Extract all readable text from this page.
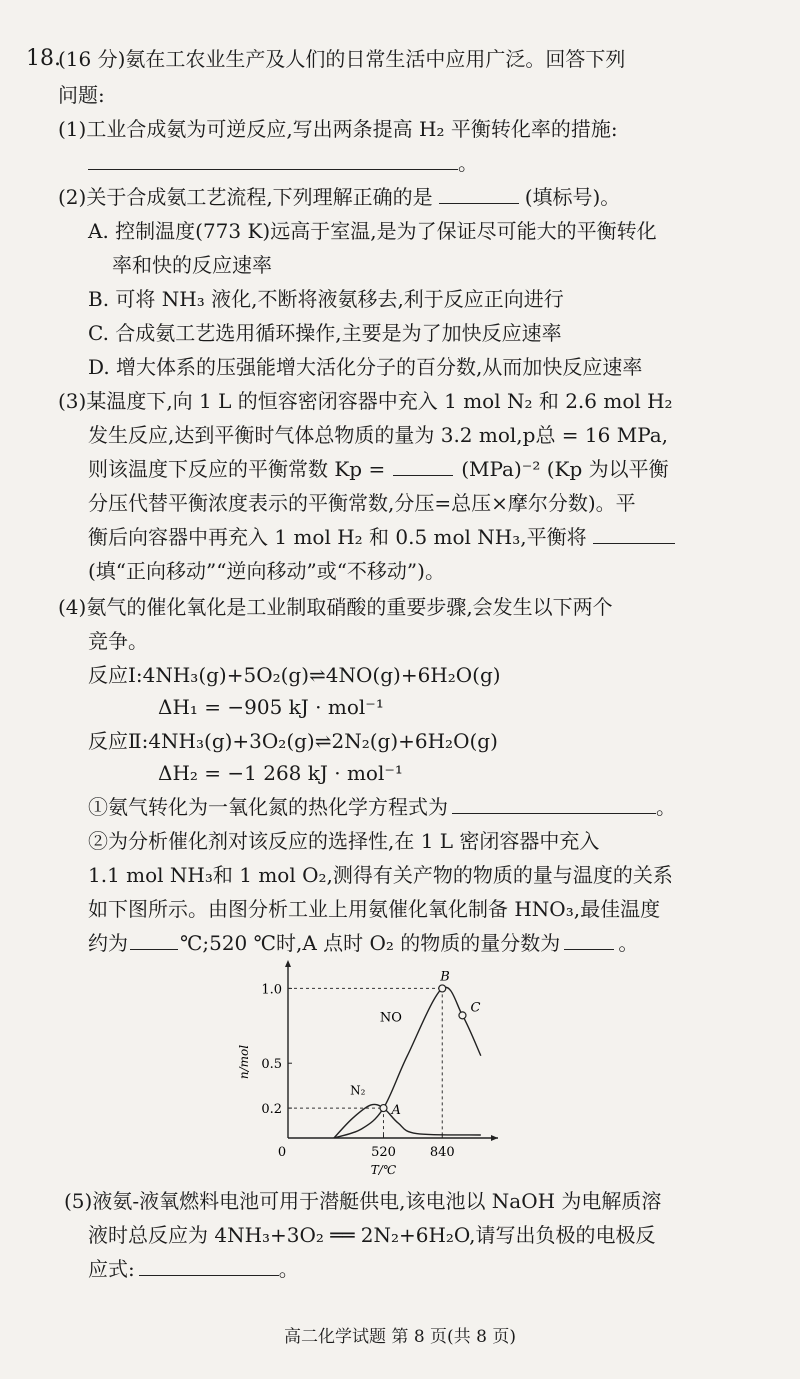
18.
(16 分)氨在工农业生产及人们的日常生活中应用广泛。回答下列
问题:
(1)工业合成氨为可逆反应,写出两条提高 H₂ 平衡转化率的措施:
。
(2)关于合成氨工艺流程,下列理解正确的是	(填标号)。
A. 控制温度(773 K)远高于室温,是为了保证尽可能大的平衡转化
率和快的反应速率
B. 可将 NH₃ 液化,不断将液氨移去,利于反应正向进行
C. 合成氨工艺选用循环操作,主要是为了加快反应速率
D. 增大体系的压强能增大活化分子的百分数,从而加快反应速率
(3)某温度下,向 1 L 的恒容密闭容器中充入 1 mol N₂ 和 2.6 mol H₂
发生反应,达到平衡时气体总物质的量为 3.2 mol,p总 = 16 MPa,
则该温度下反应的平衡常数 Kp =	(MPa)⁻² (Kp 为以平衡
分压代替平衡浓度表示的平衡常数,分压=总压×摩尔分数)。平
衡后向容器中再充入 1 mol H₂ 和 0.5 mol NH₃,平衡将
(填“正向移动”“逆向移动”或“不移动”)。
(4)氨气的催化氧化是工业制取硝酸的重要步骤,会发生以下两个
竞争。
反应Ⅰ:4NH₃(g)+5O₂(g)⇌4NO(g)+6H₂O(g)
ΔH₁ = −905 kJ · mol⁻¹
反应Ⅱ:4NH₃(g)+3O₂(g)⇌2N₂(g)+6H₂O(g)
ΔH₂ = −1 268 kJ · mol⁻¹
①氨气转化为一氧化氮的热化学方程式为	。
②为分析催化剂对该反应的选择性,在 1 L 密闭容器中充入
1.1 mol NH₃和 1 mol O₂,测得有关产物的物质的量与温度的关系
如下图所示。由图分析工业上用氨催化氧化制备 HNO₃,最佳温度
约为	℃;520 ℃时,A 点时 O₂ 的物质的量分数为	。
0.2
0.5
1.0
0	520	840
T/℃
n/mol
NO
N₂
A
B
C
(5)液氨-液氧燃料电池可用于潜艇供电,该电池以 NaOH 为电解质溶
液时总反应为 4NH₃+3O₂ ══ 2N₂+6H₂O,请写出负极的电极反
应式:	。
高二化学试题 第 8 页(共 8 页)
